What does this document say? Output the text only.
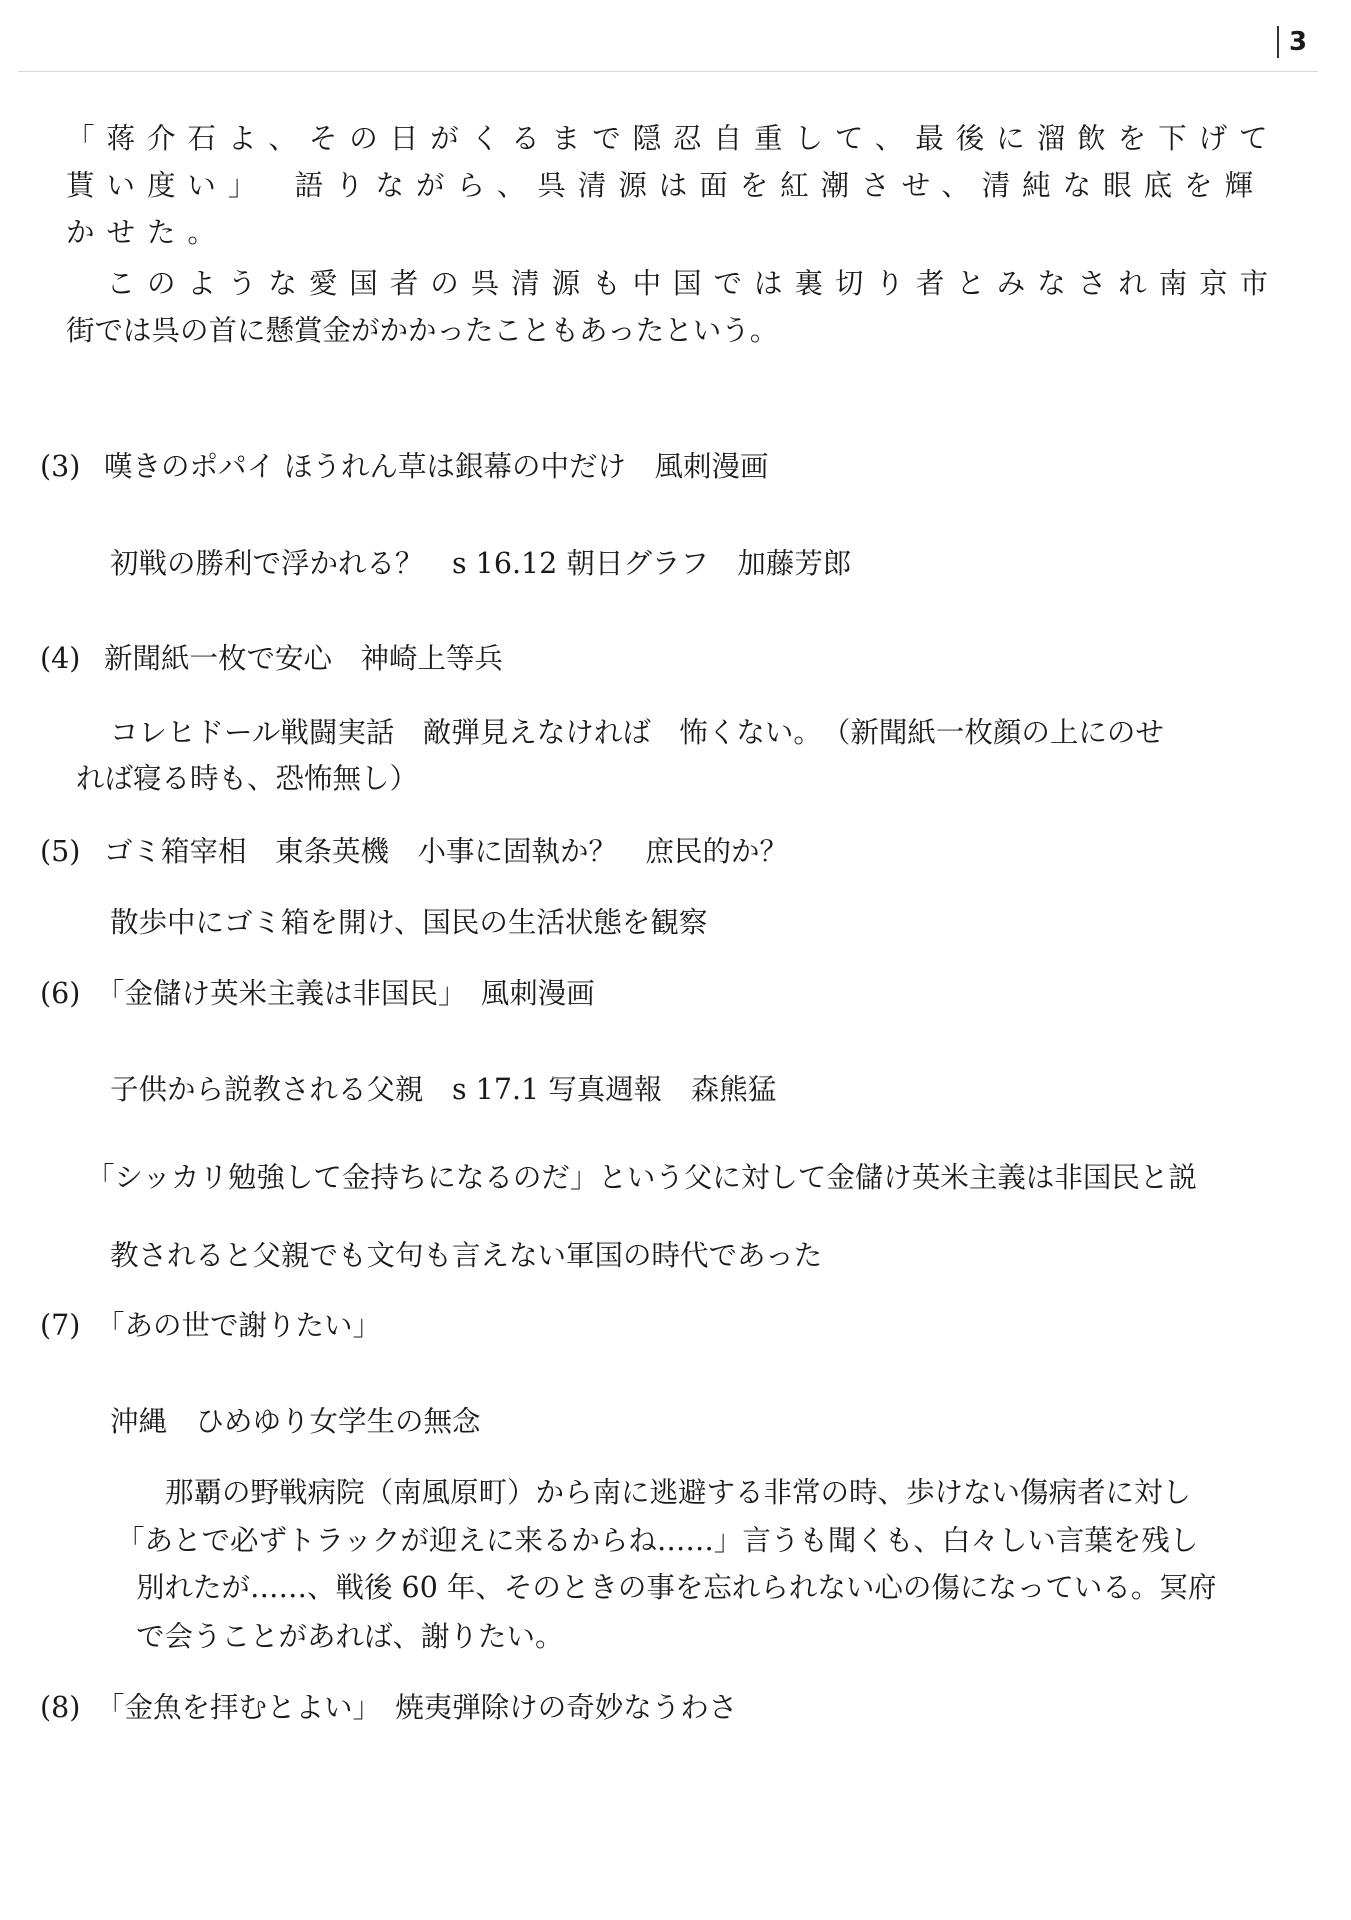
3

「蒋介石よ、その日がくるまで隠忍自重して、最後に溜飲を下げて

貰い度い」　語りながら、呉清源は面を紅潮させ、清純な眼底を輝

かせた。

　このような愛国者の呉清源も中国では裏切り者とみなされ南京市

街では呉の首に懸賞金がかかったこともあったという。

(3) 嘆きのポパイ ほうれん草は銀幕の中だけ　風刺漫画

初戦の勝利で浮かれる？　s 16.12 朝日グラフ　加藤芳郎

(4) 新聞紙一枚で安心　神崎上等兵

コレヒドール戦闘実話　敵弾見えなければ　怖くない。　（新聞紙一枚顔の上にのせ

れば寝る時も、恐怖無し）

(5) ゴミ箱宰相　東条英機　小事に固執か？　庶民的か？

散歩中にゴミ箱を開け、国民の生活状態を観察

(6) 「金儲け英米主義は非国民」　風刺漫画

子供から説教される父親　s 17.1 写真週報　森熊猛

「シッカリ勉強して金持ちになるのだ」という父に対して金儲け英米主義は非国民と説

教されると父親でも文句も言えない軍国の時代であった

(7) 「あの世で謝りたい」

沖縄　ひめゆり女学生の無念

那覇の野戦病院（南風原町）から南に逃避する非常の時、歩けない傷病者に対し

「あとで必ずトラックが迎えに来るからね……」言うも聞くも、白々しい言葉を残し

別れたが……、戦後 60 年、そのときの事を忘れられない心の傷になっている。冥府

で会うことがあれば、謝りたい。

(8) 「金魚を拝むとよい」　焼夷弾除けの奇妙なうわさ
